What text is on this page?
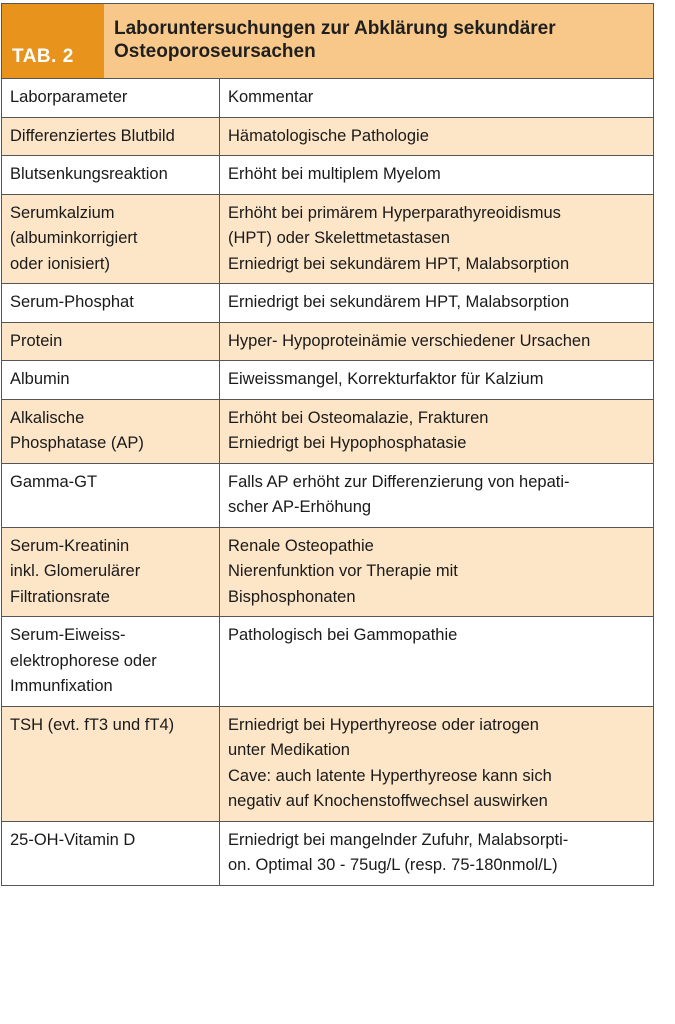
TAB. 2
Laboruntersuchungen zur Abklärung sekundärer
Osteoporoseursachen
Laborparameter	Kommentar

Differenziertes Blutbild	Hämatologische Pathologie

Blutsenkungsreaktion	Erhöht bei multiplem Myelom

Serumkalzium
(albuminkorrigiert
oder ionisiert)	Erhöht bei primärem Hyperparathyreoidismus
(HPT) oder Skelettmetastasen
Erniedrigt bei sekundärem HPT, Malabsorption

Serum-Phosphat	Erniedrigt bei sekundärem HPT, Malabsorption

Protein	Hyper- Hypoproteinämie verschiedener Ursachen

Albumin	Eiweissmangel, Korrekturfaktor für Kalzium

Alkalische
Phosphatase (AP)	Erhöht bei Osteomalazie, Frakturen
Erniedrigt bei Hypophosphatasie

Gamma-GT	Falls AP erhöht zur Differenzierung von hepati-
scher AP-Erhöhung

Serum-Kreatinin
inkl. Glomerulärer
Filtrationsrate	Renale Osteopathie
Nierenfunktion vor Therapie mit
Bisphosphonaten

Serum-Eiweiss-
elektrophorese oder
Immunfixation	Pathologisch bei Gammopathie

TSH (evt. fT3 und fT4)	Erniedrigt bei Hyperthyreose oder iatrogen
unter Medikation
Cave: auch latente Hyperthyreose kann sich
negativ auf Knochenstoffwechsel auswirken

25-OH-Vitamin D	Erniedrigt bei mangelnder Zufuhr, Malabsorpti-
on. Optimal 30 - 75ug/L (resp. 75-180nmol/L)
